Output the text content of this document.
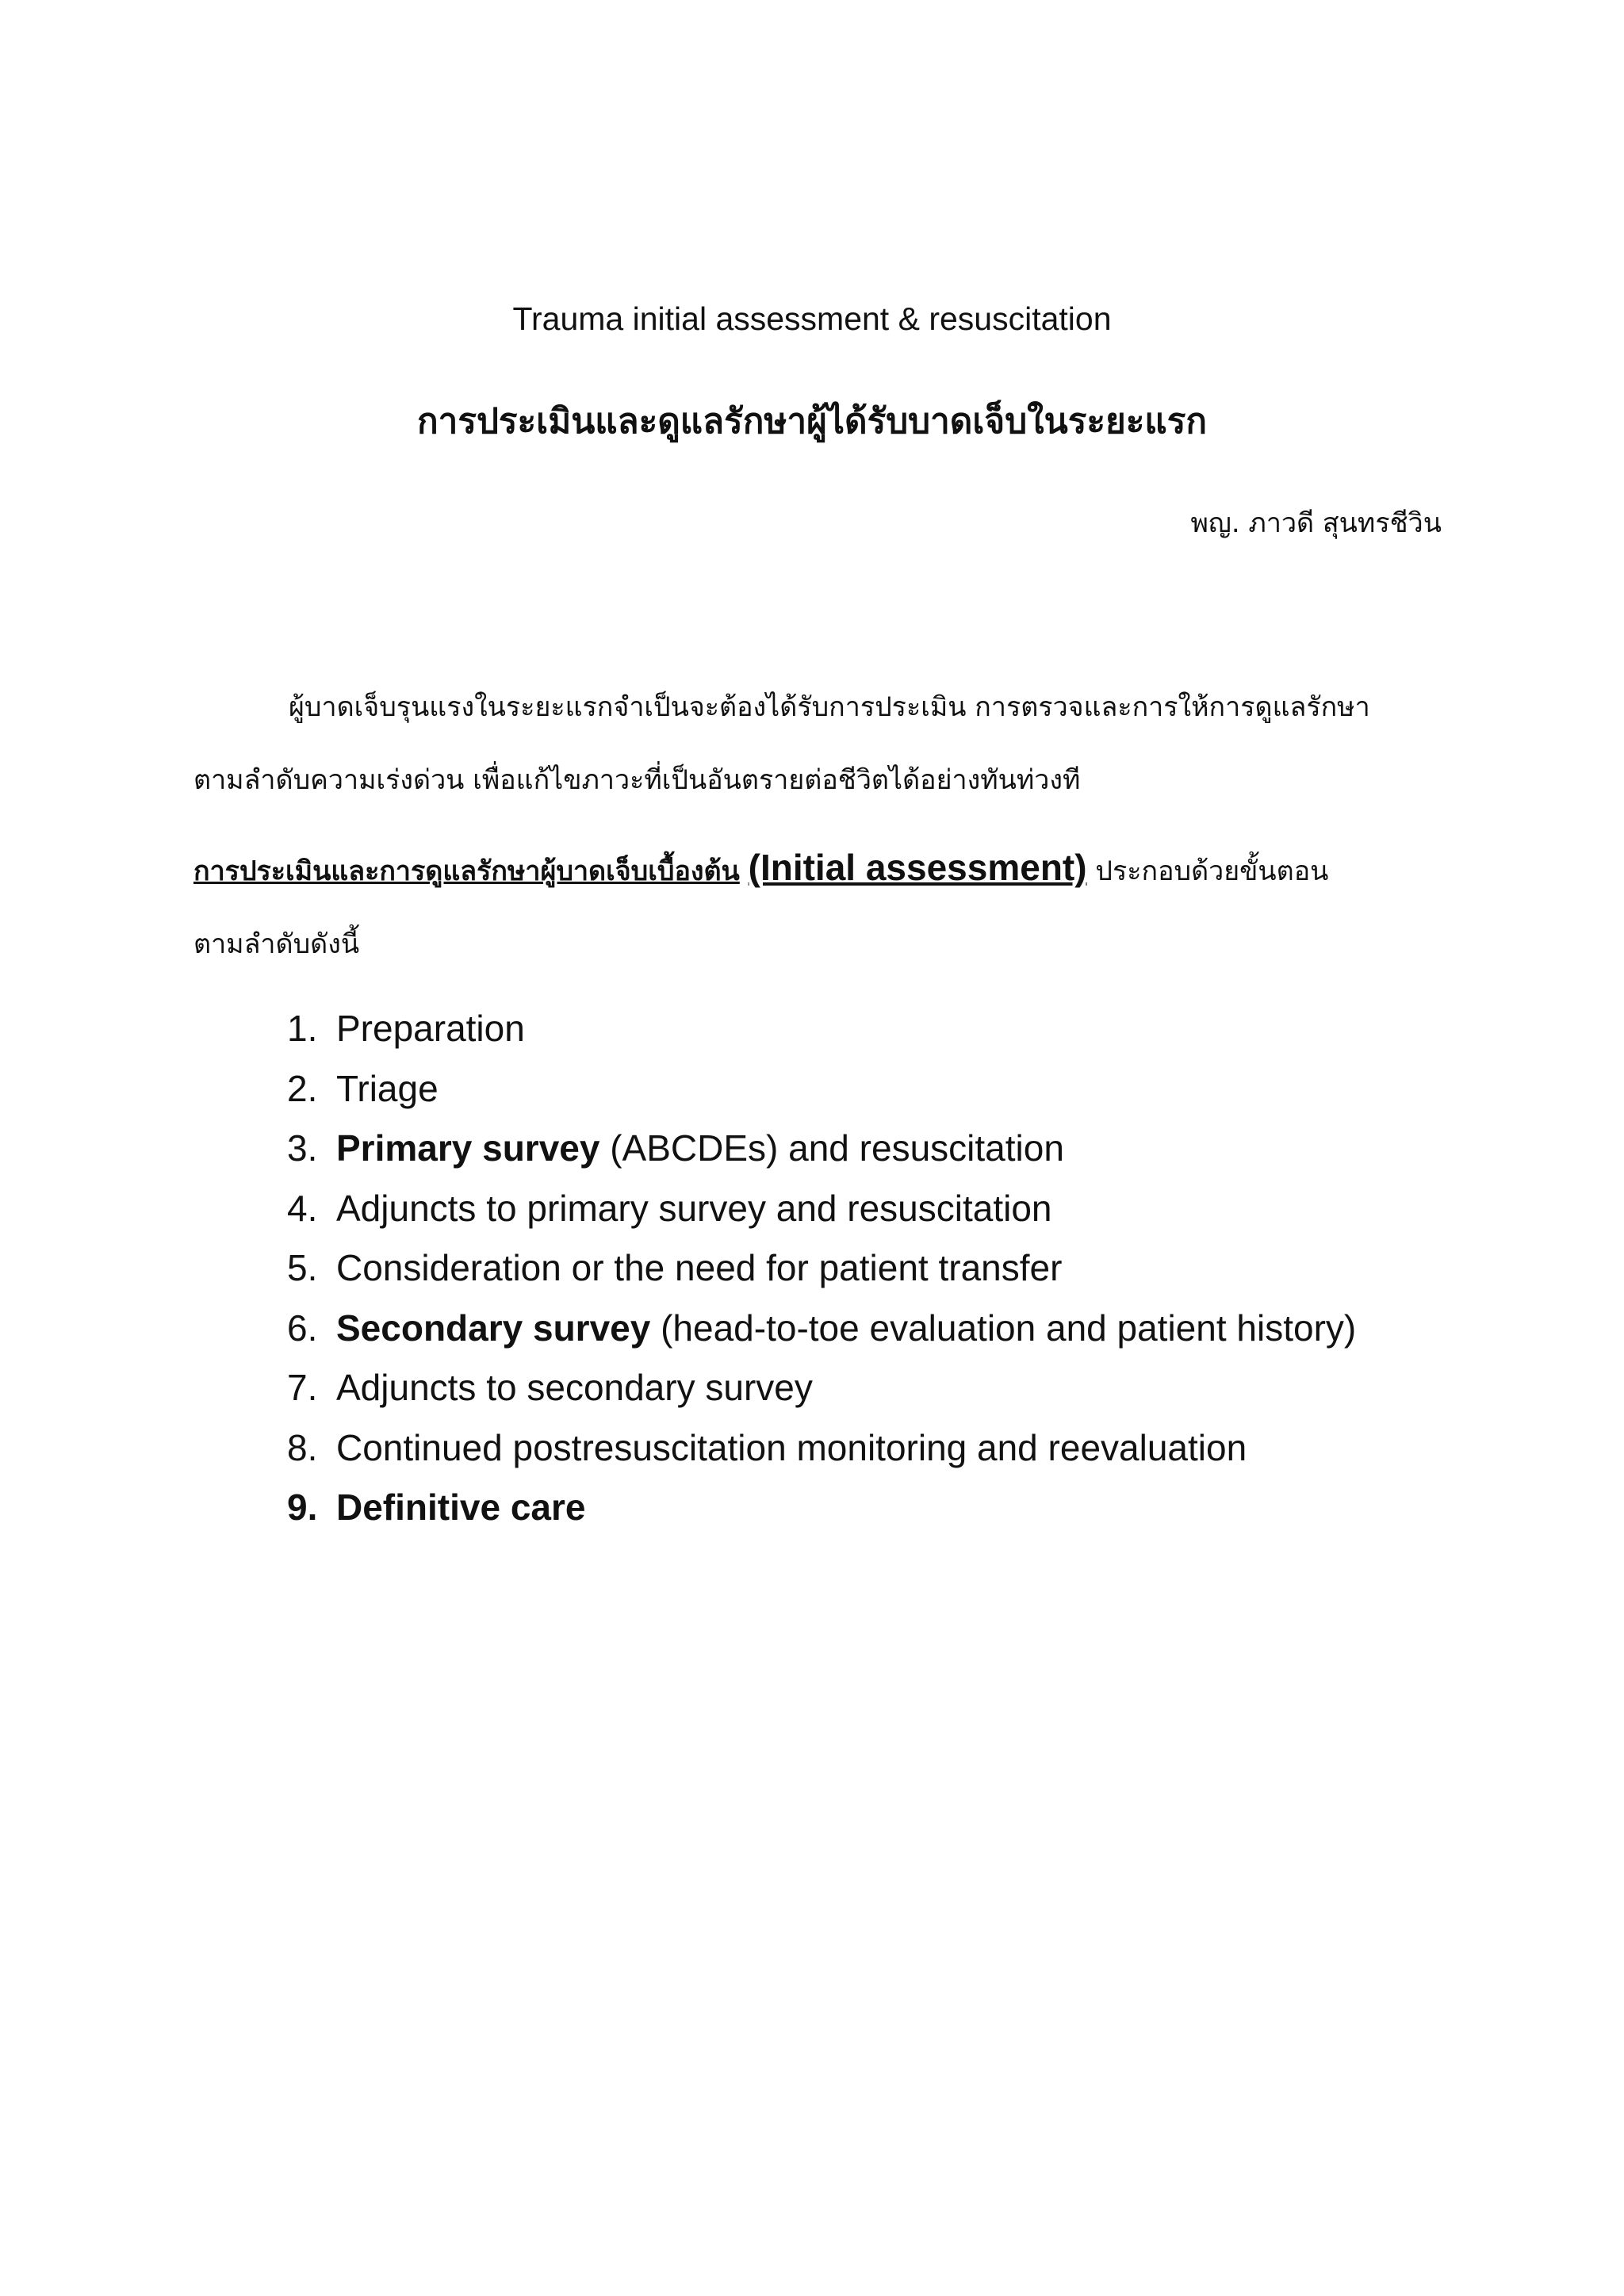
Trauma initial assessment & resuscitation
การประเมินและดูแลรักษาผู้ได้รับบาดเจ็บในระยะแรก
พญ. ภาวดี สุนทรชีวิน
ผู้บาดเจ็บรุนแรงในระยะแรกจำเป็นจะต้องได้รับการประเมิน การตรวจและการให้การดูแลรักษา
ตามลำดับความเร่งด่วน เพื่อแก้ไขภาวะที่เป็นอันตรายต่อชีวิตได้อย่างทันท่วงที
การประเมินและการดูแลรักษาผู้บาดเจ็บเบื้องต้น (Initial assessment) ประกอบด้วยขั้นตอน
ตามลำดับดังนี้
1. Preparation
2. Triage
3. Primary survey (ABCDEs) and resuscitation
4. Adjuncts to primary survey and resuscitation
5. Consideration or the need for patient transfer
6. Secondary survey (head-to-toe evaluation and patient history)
7. Adjuncts to secondary survey
8. Continued postresuscitation monitoring and reevaluation
9. Definitive care
